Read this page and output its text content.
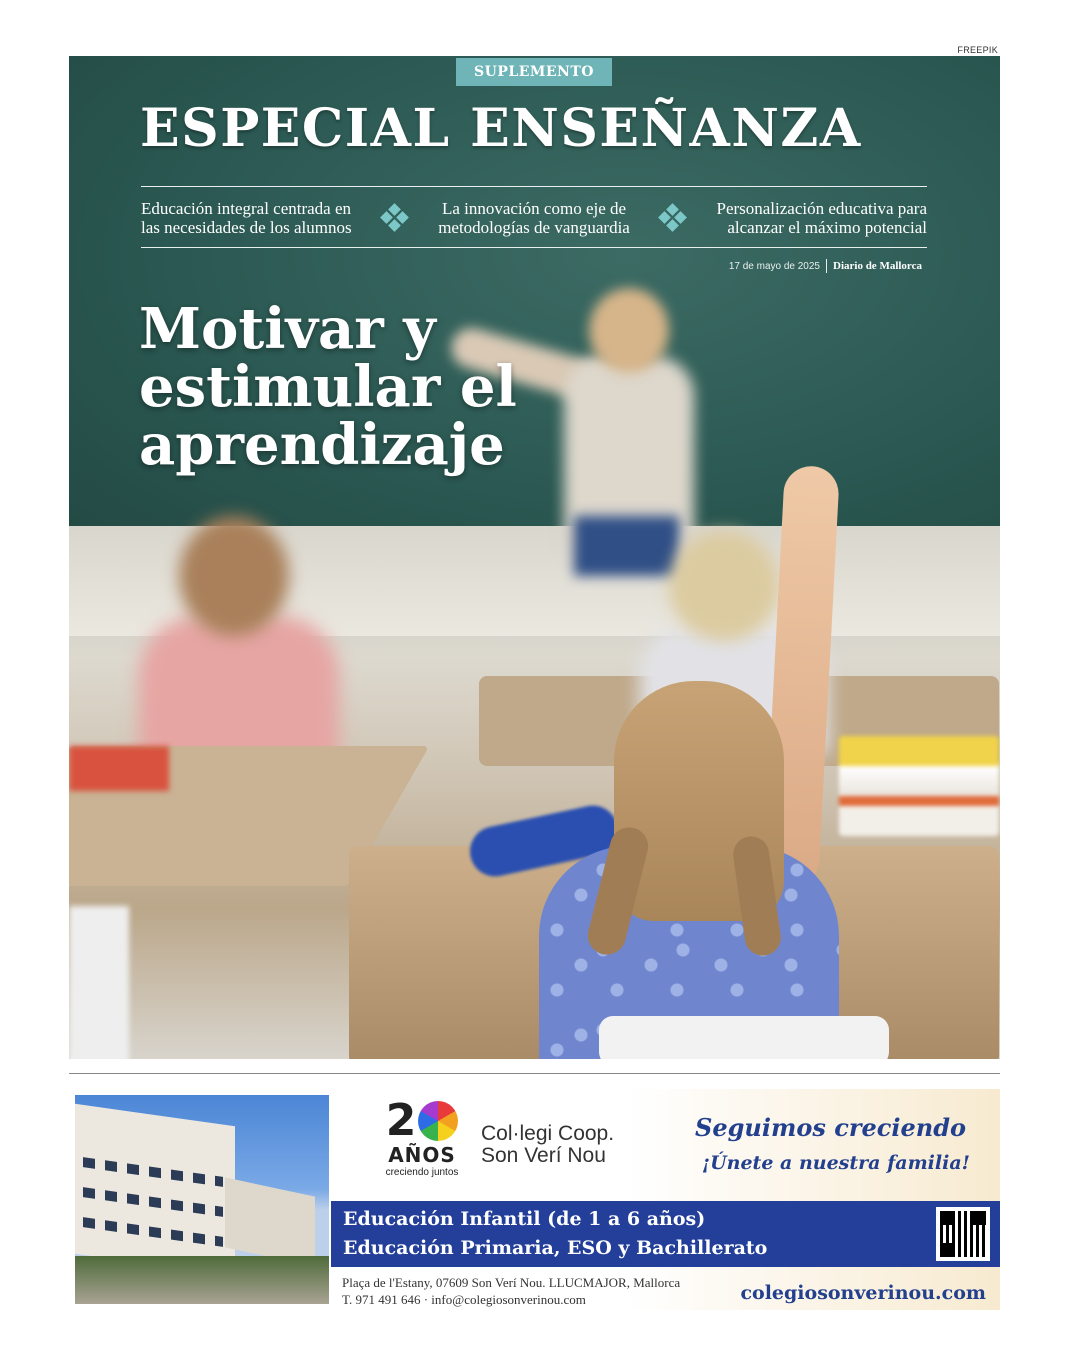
FREEPIK
SUPLEMENTO
ESPECIAL ENSEÑANZA
Educación integral centrada en
las necesidades de los alumnos
La innovación como eje de
metodologías de vanguardia
Personalización educativa para
alcanzar el máximo potencial
17 de mayo de 2025 Diario de Mallorca
Motivar y
estimular el
aprendizaje
2
AÑOS
creciendo juntos
Col·legi Coop.
Son Verí Nou
Seguimos creciendo
¡Únete a nuestra familia!
Educación Infantil (de 1 a 6 años)
Educación Primaria, ESO y Bachillerato
Plaça de l'Estany, 07609 Son Verí Nou. LLUCMAJOR, Mallorca
T. 971 491 646 · info@colegiosonverinou.com	colegiosonverinou.com
